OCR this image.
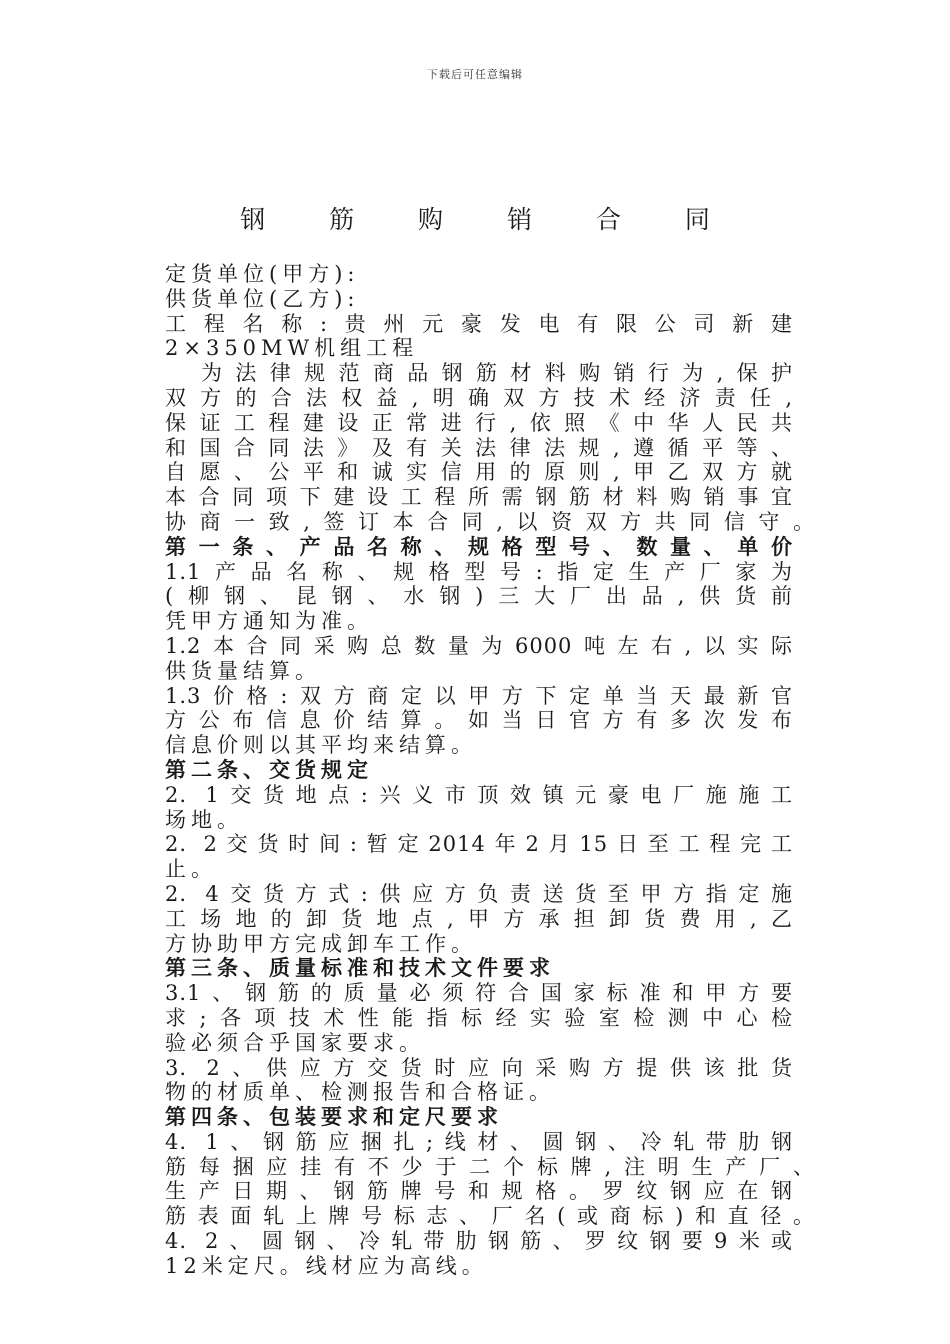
下载后可任意编辑
钢 筋 购 销 合 同
定货单位(甲方):
供货单位(乙方):
工程名称:贵州元豪发电有限公司新建
2×350MW机组工程
为法律规范商品钢筋材料购销行为,保护
双方的合法权益,明确双方技术经济责任,
保证工程建设正常进行,依照《中华人民共
和国合同法》及有关法律法规,遵循平等、
自愿、公平和诚实信用的原则,甲乙双方就
本合同项下建设工程所需钢筋材料购销事宜
协商一致,签订本合同,以资双方共同信守。
第一条、产品名称、规格型号、数量、单价
1.1产品名称、规格型号:指定生产厂家为
(柳钢、昆钢、水钢)三大厂出品,供货前
凭甲方通知为准。
1.2本合同采购总数量为6000吨左右,以实际
供货量结算。
1.3价格:双方商定以甲方下定单当天最新官
方公布信息价结算。如当日官方有多次发布
信息价则以其平均来结算。
第二条、交货规定
2. 1交货地点:兴义市顶效镇元豪电厂施施工
场地。
2. 2交货时间:暂定2014年2月15日至工程完工
止。
2. 4交货方式:供应方负责送货至甲方指定施
工场地的卸货地点,甲方承担卸货费用,乙
方协助甲方完成卸车工作。
第三条、质量标准和技术文件要求
3.1、钢筋的质量必须符合国家标准和甲方要
求;各项技术性能指标经实验室检测中心检
验必须合乎国家要求。
3. 2、供应方交货时应向采购方提供该批货
物的材质单、检测报告和合格证。
第四条、包装要求和定尺要求
4. 1、钢筋应捆扎;线材、圆钢、冷轧带肋钢
筋每捆应挂有不少于二个标牌,注明生产厂、
生产日期、钢筋牌号和规格。罗纹钢应在钢
筋表面轧上牌号标志、厂名(或商标)和直径。
4. 2、圆钢、冷轧带肋钢筋、罗纹钢要9米或
12米定尺。线材应为高线。
